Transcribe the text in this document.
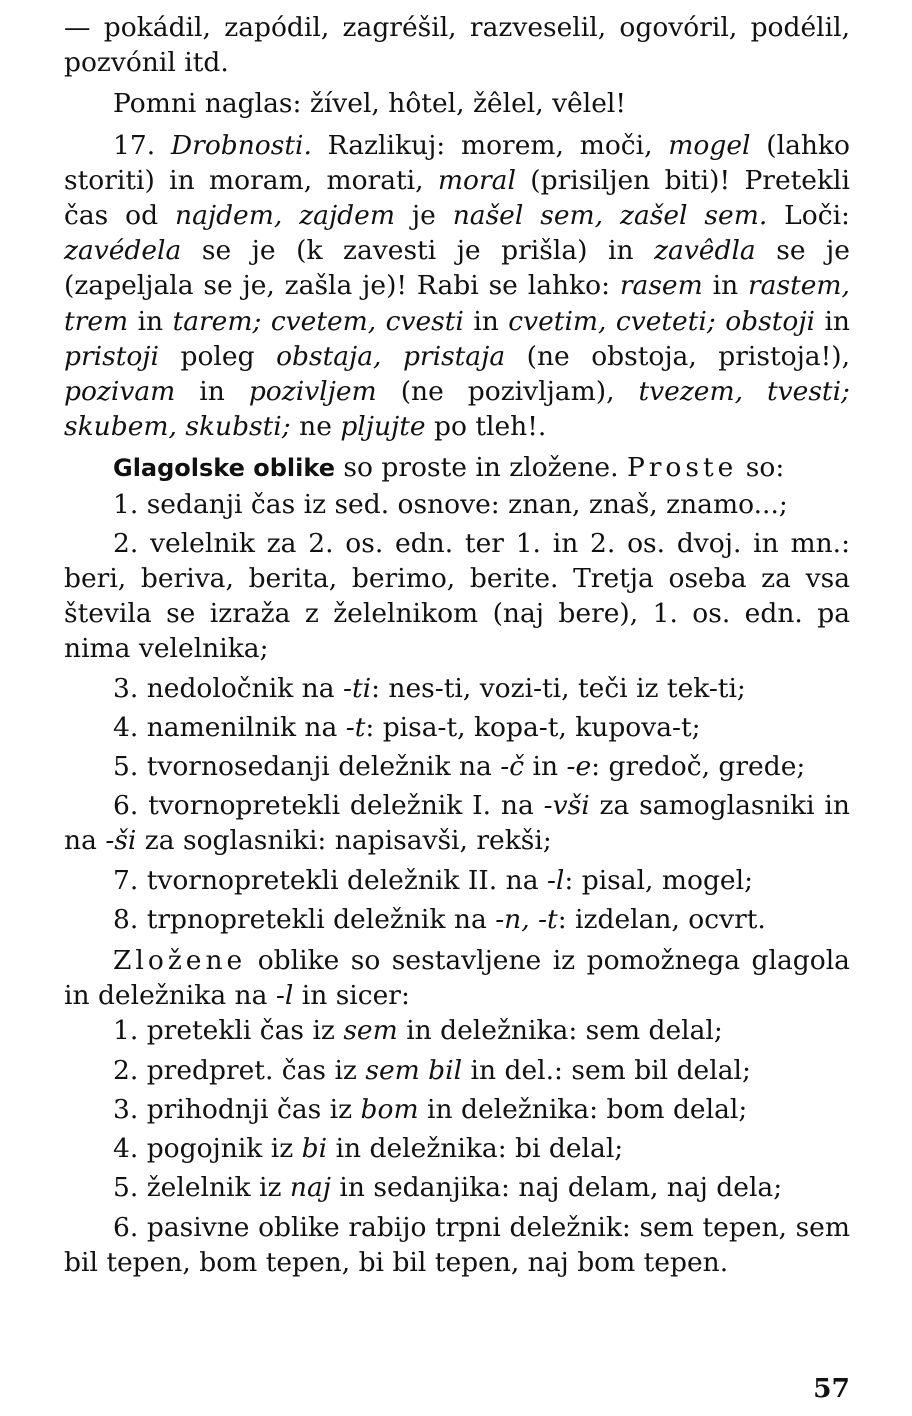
— pokádil, zapódil, zagréšil, razveselil, ogovóril, podélil, pozvónil itd.

Pomni naglas: žível, hôtel, žêlel, vêlel!

17. Drobnosti. Razlikuj: morem, moči, mogel (lahko storiti) in moram, morati, moral (prisiljen biti)! Pretekli čas od najdem, zajdem je našel sem, zašel sem. Loči: zavédela se je (k zavesti je prišla) in zavêdla se je (zapeljala se je, zašla je)! Rabi se lahko: rasem in rastem, trem in tarem; cvetem, cvesti in cvetim, cveteti; obstoji in pristoji poleg obstaja, pristaja (ne obstoja, pristoja!), pozivam in pozivljem (ne pozivljam), tvezem, tvesti; skubem, skubsti; ne pljujte po tleh!.

Glagolske oblike so proste in zložene. Proste so:

1. sedanji čas iz sed. osnove: znan, znaš, znamo...;

2. velelnik za 2. os. edn. ter 1. in 2. os. dvoj. in mn.: beri, beriva, berita, berimo, berite. Tretja oseba za vsa števila se izraža z želelnikom (naj bere), 1. os. edn. pa nima velelnika;

3. nedoločnik na -ti: nes-ti, vozi-ti, teči iz tek-ti;

4. namenilnik na -t: pisa-t, kopa-t, kupova-t;

5. tvornosedanji deležnik na -č in -e: gredoč, grede;

6. tvornopretekli deležnik I. na -vši za samoglasniki in na -ši za soglasniki: napisavši, rekši;

7. tvornopretekli deležnik II. na -l: pisal, mogel;

8. trpnopretekli deležnik na -n, -t: izdelan, ocvrt.

Zložene oblike so sestavljene iz pomožnega glagola in deležnika na -l in sicer:

1. pretekli čas iz sem in deležnika: sem delal;

2. predpret. čas iz sem bil in del.: sem bil delal;

3. prihodnji čas iz bom in deležnika: bom delal;

4. pogojnik iz bi in deležnika: bi delal;

5. želelnik iz naj in sedanjika: naj delam, naj dela;

6. pasivne oblike rabijo trpni deležnik: sem tepen, sem bil tepen, bom tepen, bi bil tepen, naj bom tepen.

57
